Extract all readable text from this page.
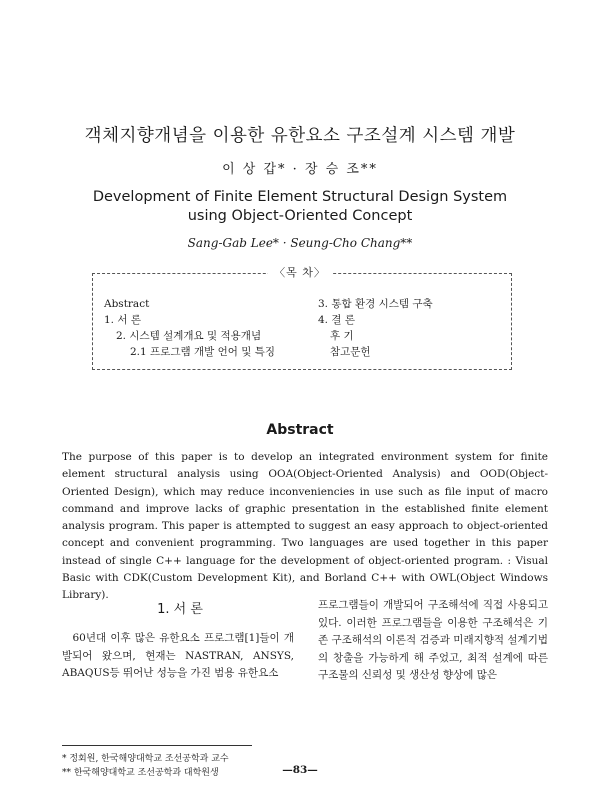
객체지향개념을 이용한 유한요소 구조설계 시스템 개발
이 상 갑* · 장 승 조**
Development of Finite Element Structural Design System
using Object-Oriented Concept
Sang-Gab Lee* · Seung-Cho Chang**
〈목 차〉
Abstract
1. 서 론
2. 시스템 설계개요 및 적용개념
2.1 프로그램 개발 언어 및 특징
3. 통합 환경 시스템 구축
4. 결 론
후 기
참고문헌
Abstract
The purpose of this paper is to develop an integrated environment system for finite element structural analysis using OOA(Object-Oriented Analysis) and OOD(Object-Oriented Design), which may reduce inconveniencies in use such as file input of macro command and improve lacks of graphic presentation in the established finite element analysis program. This paper is attempted to suggest an easy approach to object-oriented concept and convenient programming. Two languages are used together in this paper instead of single C++ language for the development of object-oriented program. : Visual Basic with CDK(Custom Development Kit), and Borland C++ with OWL(Object Windows Library).
1. 서 론
60년대 이후 많은 유한요소 프로그램[1]들이 개발되어 왔으며, 현재는 NASTRAN, ANSYS, ABAQUS등 뛰어난 성능을 가진 범용 유한요소
프로그램들이 개발되어 구조해석에 직접 사용되고 있다. 이러한 프로그램들을 이용한 구조해석은 기존 구조해석의 이론적 검증과 미래지향적 설계기법의 창출을 가능하게 해 주었고, 최적 설계에 따른 구조물의 신뢰성 및 생산성 향상에 많은
* 정회원, 한국해양대학교 조선공학과 교수
** 한국해양대학교 조선공학과 대학원생	—83—
